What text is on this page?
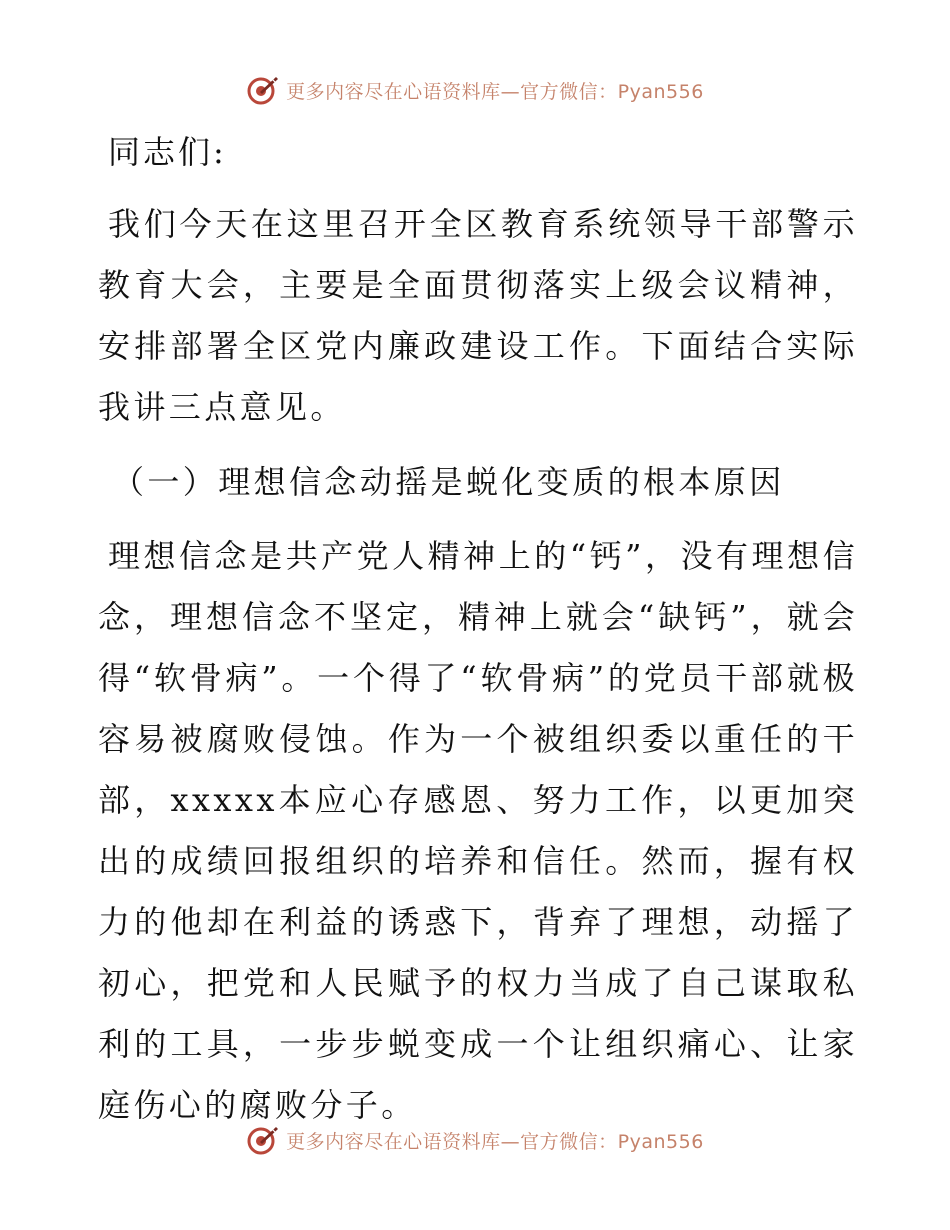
更多内容尽在心语资料库—官方微信：Pyan556
同志们:

我们今天在这里召开全区教育系统领导干部警示教育大会，主要是全面贯彻落实上级会议精神，安排部署全区党内廉政建设工作。下面结合实际我讲三点意见。

（一）理想信念动摇是蜕化变质的根本原因

理想信念是共产党人精神上的“钙”，没有理想信念，理想信念不坚定，精神上就会“缺钙”，就会得“软骨病”。一个得了“软骨病”的党员干部就极容易被腐败侵蚀。作为一个被组织委以重任的干部，xxxxx本应心存感恩、努力工作，以更加突出的成绩回报组织的培养和信任。然而，握有权力的他却在利益的诱惑下，背弃了理想，动摇了初心，把党和人民赋予的权力当成了自己谋取私利的工具，一步步蜕变成一个让组织痛心、让家庭伤心的腐败分子。

更多内容尽在心语资料库—官方微信：Pyan556
